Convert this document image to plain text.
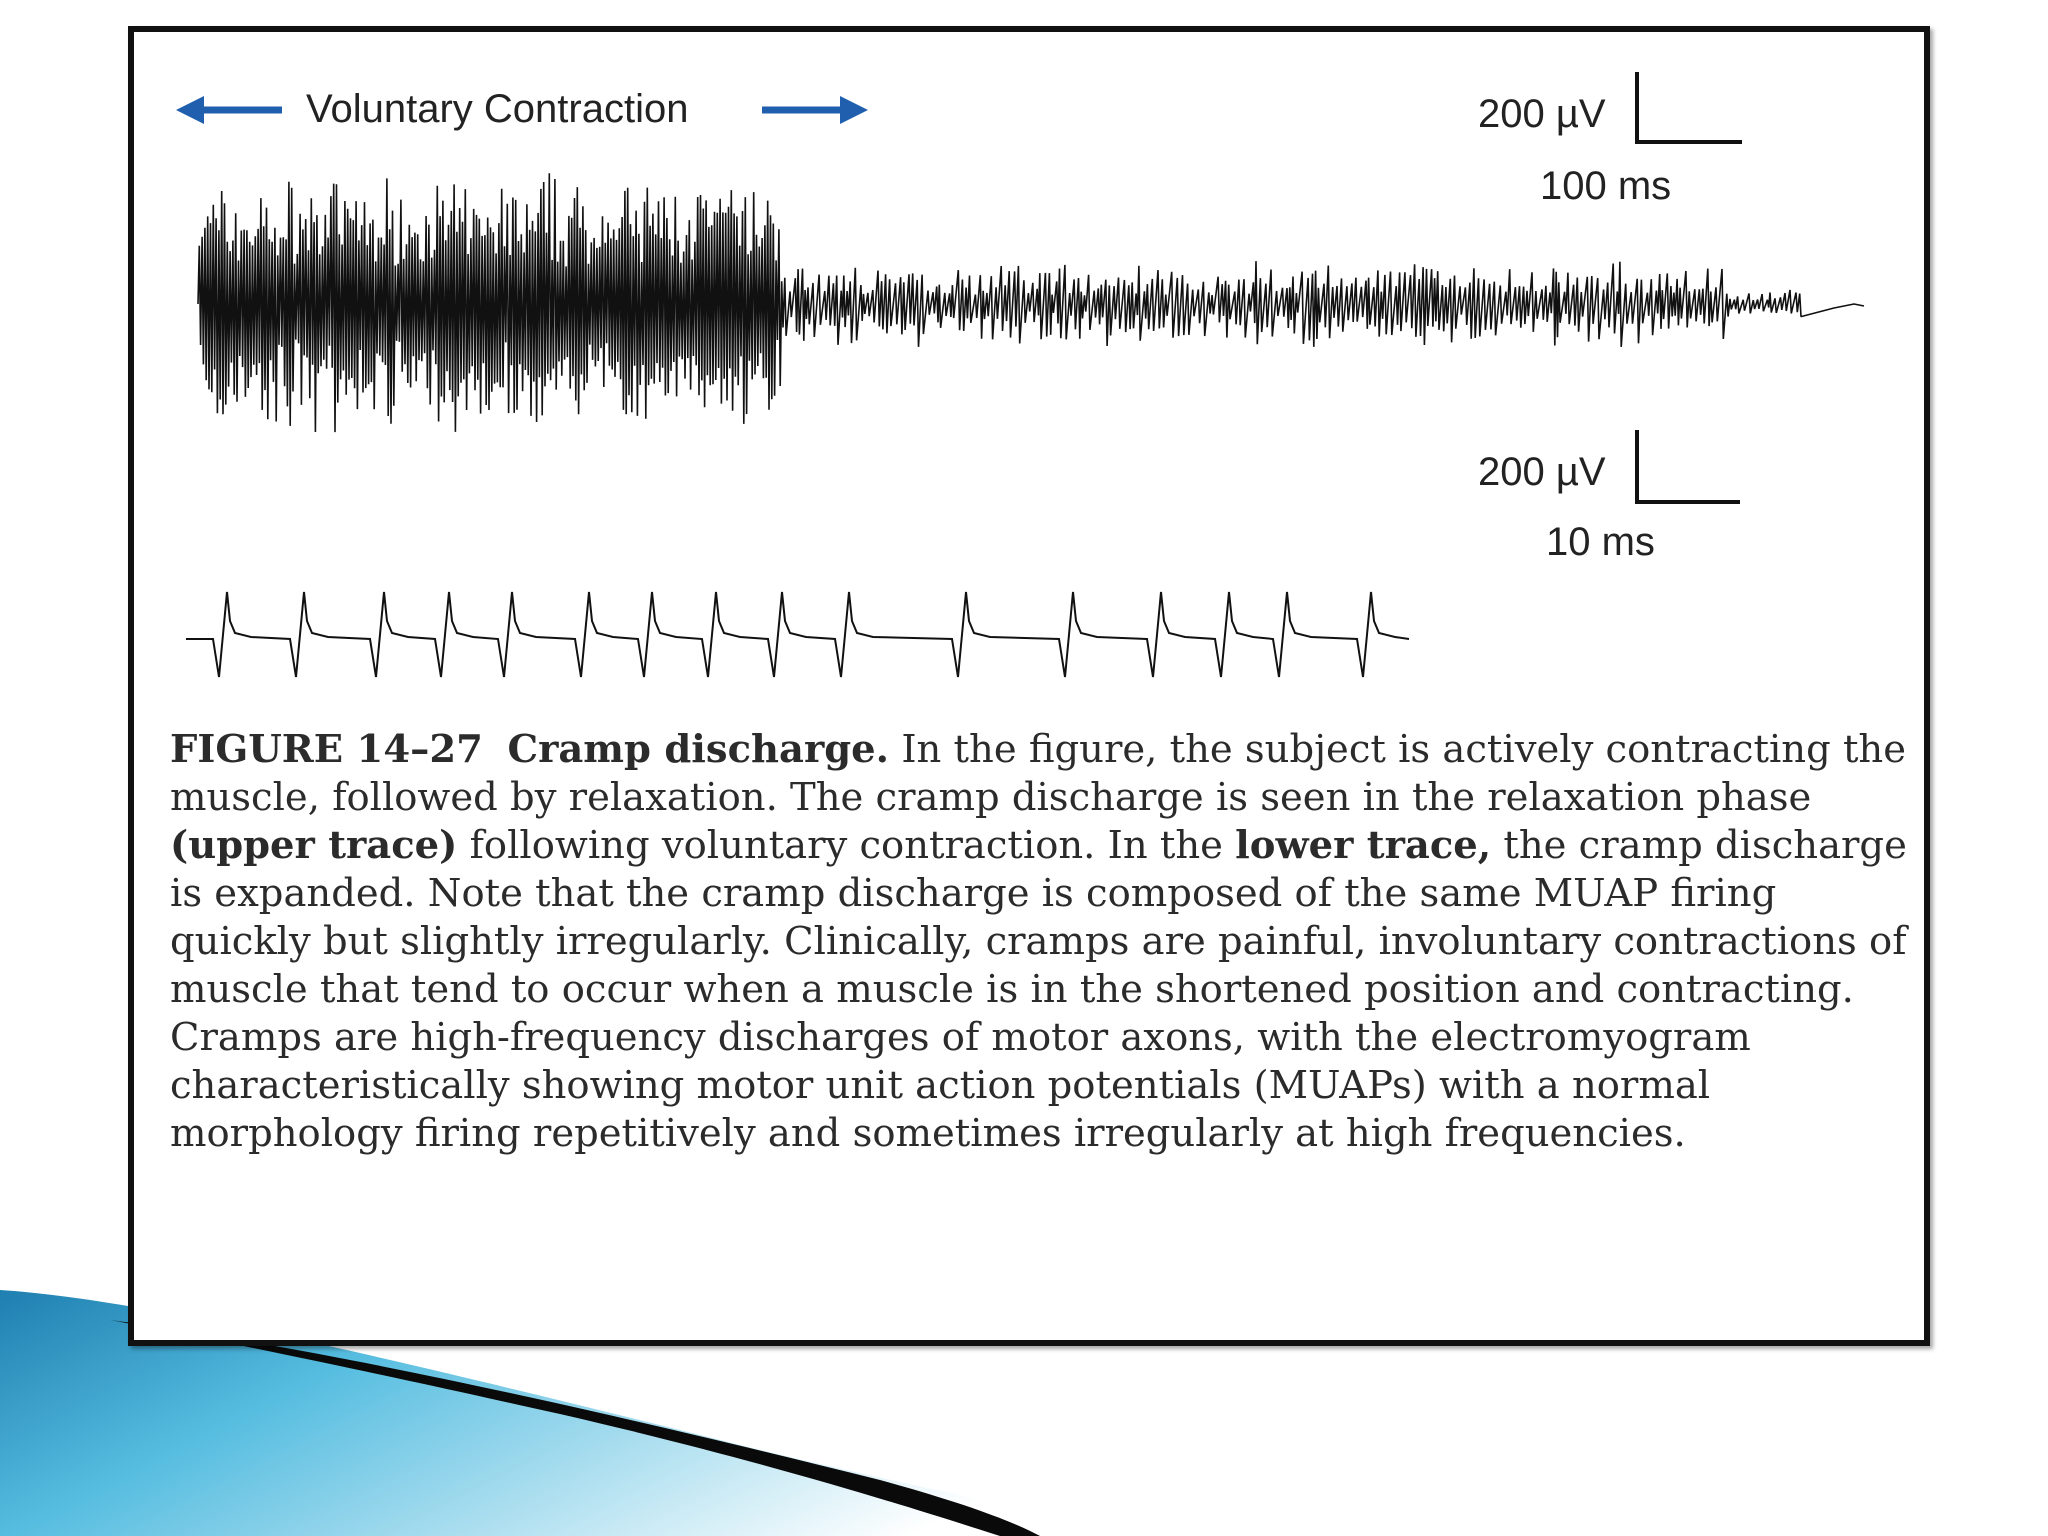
Voluntary Contraction	200 µV
100 ms
200 µV
10 ms

FIGURE 14–27 Cramp discharge. In the figure, the subject is actively contracting the muscle, followed by relaxation. The cramp discharge is seen in the relaxation phase (upper trace) following voluntary contraction. In the lower trace, the cramp discharge is expanded. Note that the cramp discharge is composed of the same MUAP firing quickly but slightly irregularly. Clinically, cramps are painful, involuntary contractions of muscle that tend to occur when a muscle is in the shortened position and contracting. Cramps are high-frequency discharges of motor axons, with the electromyogram characteristically showing motor unit action potentials (MUAPs) with a normal morphology firing repetitively and sometimes irregularly at high frequencies.
